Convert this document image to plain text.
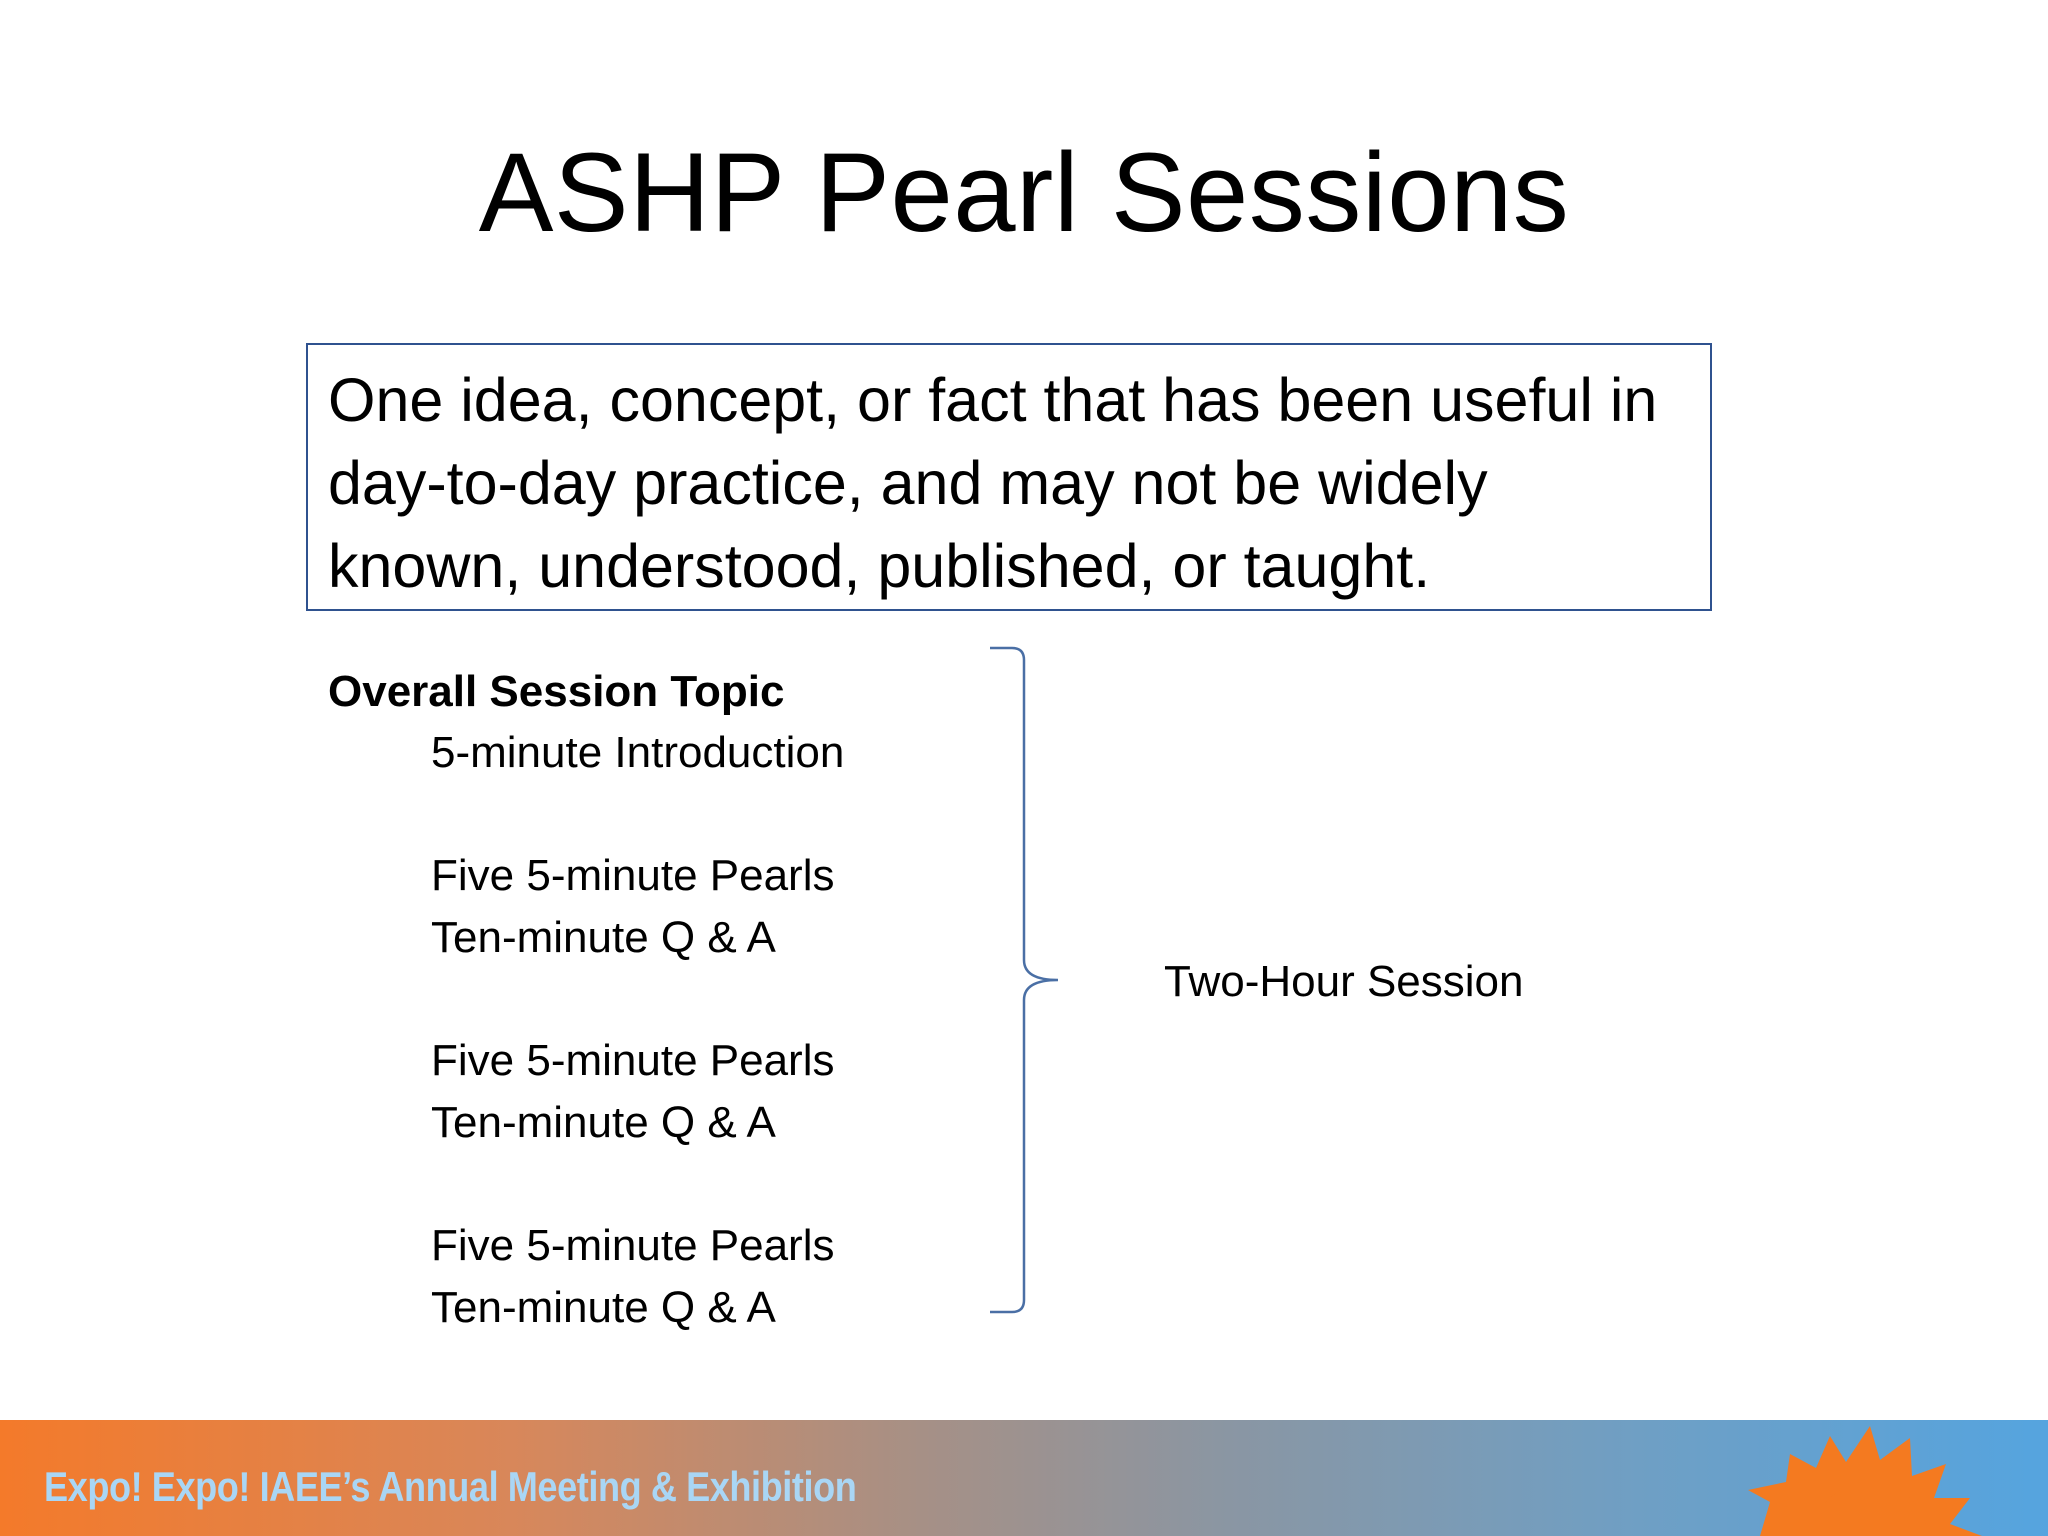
ASHP Pearl Sessions
One idea, concept, or fact that has been useful in day-to-day practice, and may not be widely known, understood, published, or taught.
Overall Session Topic
5-minute Introduction
Five 5-minute Pearls
Ten-minute Q & A
Five 5-minute Pearls
Ten-minute Q & A
Five 5-minute Pearls
Ten-minute Q & A
Two-Hour Session
Expo! Expo! IAEE’s Annual Meeting & Exhibition
